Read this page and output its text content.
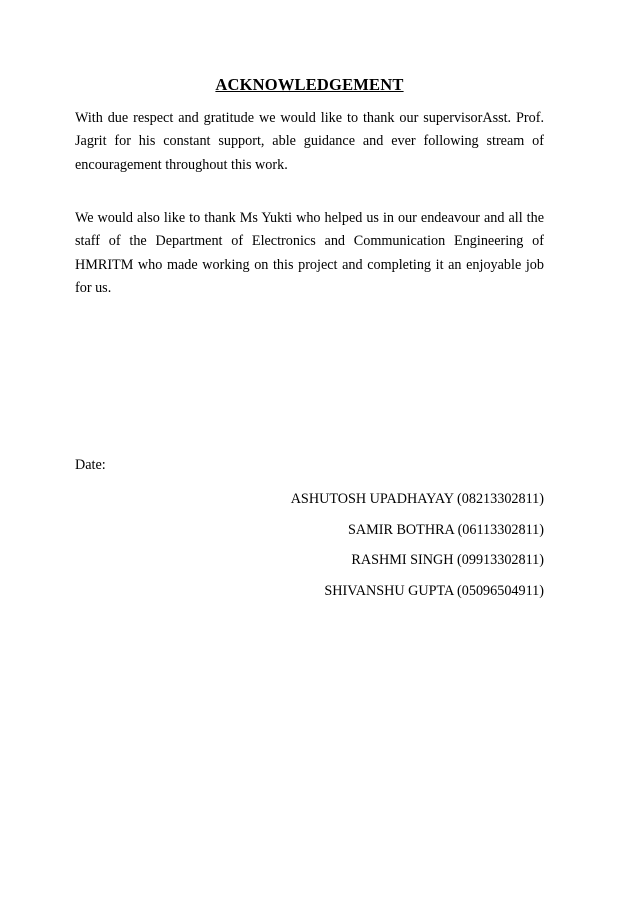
ACKNOWLEDGEMENT

With due respect and gratitude we would like to thank our supervisorAsst. Prof. Jagrit for his constant support, able guidance and ever following stream of encouragement throughout this work.

We would also like to thank Ms Yukti who helped us in our endeavour and all the staff of the Department of Electronics and Communication Engineering of HMRITM who made working on this project and completing it an enjoyable job for us.

Date:
ASHUTOSH UPADHAYAY (08213302811)
SAMIR BOTHRA (06113302811)
RASHMI SINGH (09913302811)
SHIVANSHU GUPTA (05096504911)
